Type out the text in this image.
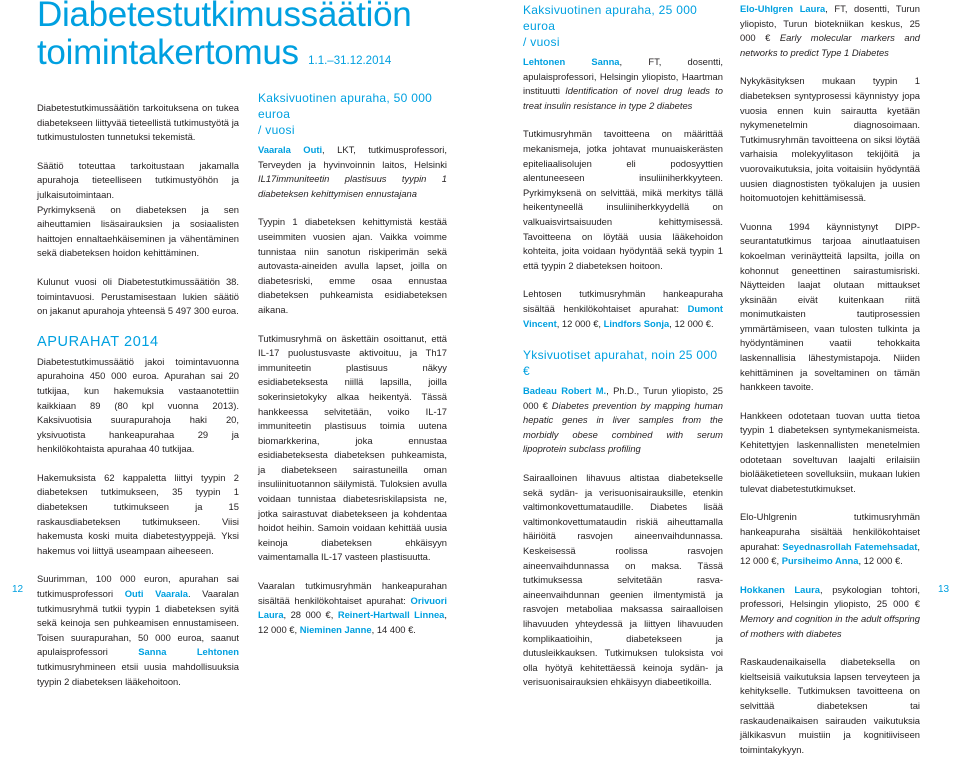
Diabetestutkimussäätiön
toimintakertomus 1.1.–31.12.2014

Diabetestutkimussäätiön tarkoituksena on tukea diabetekseen liittyvää tieteellistä tutkimustyötä ja tutkimustulosten tunnetuksi tekemistä.

Säätiö toteuttaa tarkoitustaan jakamalla apurahoja tieteelliseen tutkimustyöhön ja julkaisutoimintaan.

Pyrkimyksenä on diabeteksen ja sen aiheuttamien lisäsairauksien ja sosiaalisten haittojen ennaltaehkäiseminen ja vähentäminen sekä diabeteksen hoidon kehittäminen.

Kulunut vuosi oli Diabetestutkimussäätiön 38. toimintavuosi. Perustamisestaan lukien säätiö on jakanut apurahoja yhteensä 5 497 300 euroa.

APURAHAT 2014

Diabetestutkimussäätiö jakoi toimintavuonna apurahoina 450 000 euroa. Apurahan sai 20 tutkijaa, kun hakemuksia vastaanotettiin kaikkiaan 89 (80 kpl vuonna 2013). Kaksivuotisia suurapurahoja haki 20, yksivuotista hankeapurahaa 29 ja henkilökohtaista apurahaa 40 tutkijaa.

Hakemuksista 62 kappaletta liittyi tyypin 2 diabeteksen tutkimukseen, 35 tyypin 1 diabeteksen tutkimukseen ja 15 raskausdiabeteksen tutkimukseen. Viisi hakemusta koski muita diabetestyyppejä. Yksi hakemus voi liittyä useampaan aiheeseen.

Suurimman, 100 000 euron, apurahan sai tutkimusprofessori Outi Vaarala. Vaaralan tutkimusryhmä tutkii tyypin 1 diabeteksen syitä sekä keinoja sen puhkeamisen ennustamiseen. Toisen suurapurahan, 50 000 euroa, saanut apulaisprofessori Sanna Lehtonen tutkimusryhmineen etsii uusia mahdollisuuksia tyypin 2 diabeteksen lääkehoitoon.

Kaksivuotinen apuraha, 50 000 euroa
/ vuosi

Vaarala Outi, LKT, tutkimusprofessori, Terveyden ja hyvinvoinnin laitos, Helsinki IL17immuniteetin plastisuus tyypin 1 diabeteksen kehittymisen ennustajana

Tyypin 1 diabeteksen kehittymistä kestää useimmiten vuosien ajan. Vaikka voimme tunnistaa niin sanotun riskiperimän sekä autovasta-aineiden avulla lapset, joilla on diabetesriski, emme osaa ennustaa diabeteksen puhkeamista esidiabeteksen aikana.

Tutkimusryhmä on äskettäin osoittanut, että IL-17 puolustusvaste aktivoituu, ja Th17 immuniteetin plastisuus näkyy esidiabeteksesta niillä lapsilla, joilla sokerinsietokyky alkaa heikentyä. Tässä hankkeessa selvitetään, voiko IL-17 immuniteetin plastisuus toimia uutena biomarkkerina, joka ennustaa esidiabeteksesta diabeteksen puhkeamista, ja diabetekseen sairastuneilla oman insuliinituotannon säilymistä. Tuloksien avulla voidaan tunnistaa diabetesriskilapsista ne, jotka sairastuvat diabetekseen ja kohdentaa hoidot heihin. Samoin voidaan kehittää uusia keinoja diabeteksen ehkäisyyn vaimentamalla IL-17 vasteen plastisuutta.

Vaaralan tutkimusryhmän hankeapurahan sisältää henkilökohtaiset apurahat: Orivuori Laura, 28 000 €, Reinert-Hartwall Linnea, 12 000 €, Nieminen Janne, 14 400 €.

Kaksivuotinen apuraha, 25 000 euroa
/ vuosi

Lehtonen Sanna, FT, dosentti, apulaisprofessori, Helsingin yliopisto, Haartman instituutti Identification of novel drug leads to treat insulin resistance in type 2 diabetes

Tutkimusryhmän tavoitteena on määrittää mekanismeja, jotka johtavat munuaiskerästen epiteliaalisolujen eli podosyyttien alentuneeseen insuliiniherkkyyteen. Pyrkimyksenä on selvittää, mikä merkitys tällä heikentyneellä insuliiniherkkyydellä on valkuaisvirtsaisuuden kehittymisessä. Tavoitteena on löytää uusia lääkehoidon kohteita, joita voidaan hyödyntää sekä tyypin 1 että tyypin 2 diabeteksen hoitoon.

Lehtosen tutkimusryhmän hankeapuraha sisältää henkilökohtaiset apurahat: Dumont Vincent, 12 000 €, Lindfors Sonja, 12 000 €.

Yksivuotiset apurahat, noin 25 000 €

Badeau Robert M., Ph.D., Turun yliopisto, 25 000 € Diabetes prevention by mapping human hepatic genes in liver samples from the morbidly obese combined with serum lipoprotein subclass profiling

Sairaalloinen lihavuus altistaa diabetekselle sekä sydän- ja verisuonisairauksille, etenkin valtimonkovettumataudille. Diabetes lisää valtimonkovettumataudin riskiä aiheuttamalla häiriöitä rasvojen aineenvaihdunnassa. Keskeisessä roolissa rasvojen aineenvaihdunnassa on maksa. Tässä tutkimuksessa selvitetään rasva-aineenvaihdunnan geenien ilmentymistä ja rasvojen metaboliaa maksassa sairaalloisen lihavuuden yhteydessä ja liittyen lihavuuden komplikaatioihin, diabetekseen ja dutusleikkauksen. Tutkimuksen tuloksista voi olla hyötyä kehitettäessä keinoja sydän- ja verisuonisairauksien ehkäisyyn diabeetikoilla.

Elo-Uhlgren Laura, FT, dosentti, Turun yliopisto, Turun biotekniikan keskus, 25 000 € Early molecular markers and networks to predict Type 1 Diabetes

Nykykäsityksen mukaan tyypin 1 diabeteksen syntyprosessi käynnistyy jopa vuosia ennen kuin sairautta kyetään nykymenetelmin diagnosoimaan. Tutkimusryhmän tavoitteena on siksi löytää varhaisia molekyylitason tekijöitä ja vuorovaikutuksia, joita voitaisiin hyödyntää uusien diagnostisten työkalujen ja uusien hoitomuotojen kehittämisessä.

Vuonna 1994 käynnistynyt DIPP-seurantatutkimus tarjoaa ainutlaatuisen kokoelman verinäytteitä lapsilta, joilla on kohonnut geneettinen sairastumisriski. Näytteiden laajat olutaan mittaukset yksinään eivät kuitenkaan riitä monimutkaisten tautiprosessien ymmärtämiseen, vaan tulosten tulkinta ja hyödyntäminen vaatii tehokkaita laskennallisia lähestymistapoja. Niiden kehittäminen ja soveltaminen on tämän hankkeen tavoite.

Hankkeen odotetaan tuovan uutta tietoa tyypin 1 diabeteksen syntymekanismeista. Kehitettyjen laskennallisten menetelmien odotetaan soveltuvan laajalti erilaisiin biolääketieteen sovelluksiin, mukaan lukien tulevat diabetestutkimukset.

Elo-Uhlgrenin tutkimusryhmän hankeapuraha sisältää henkilökohtaiset apurahat: Seyednasrollah Fatemehsadat, 12 000 €, Pursiheimo Anna, 12 000 €.

Hokkanen Laura, psykologian tohtori, professori, Helsingin yliopisto, 25 000 € Memory and cognition in the adult offspring of mothers with diabetes

Raskaudenaikaisella diabeteksella on kieltseisiä vaikutuksia lapsen terveyteen ja kehitykselle. Tutkimuksen tavoitteena on selvittää diabeteksen tai raskaudenaikaisen sairauden vaikutuksia jälkikasvun muistiin ja kognitiiviseen toimintakykyyn.

12	13
